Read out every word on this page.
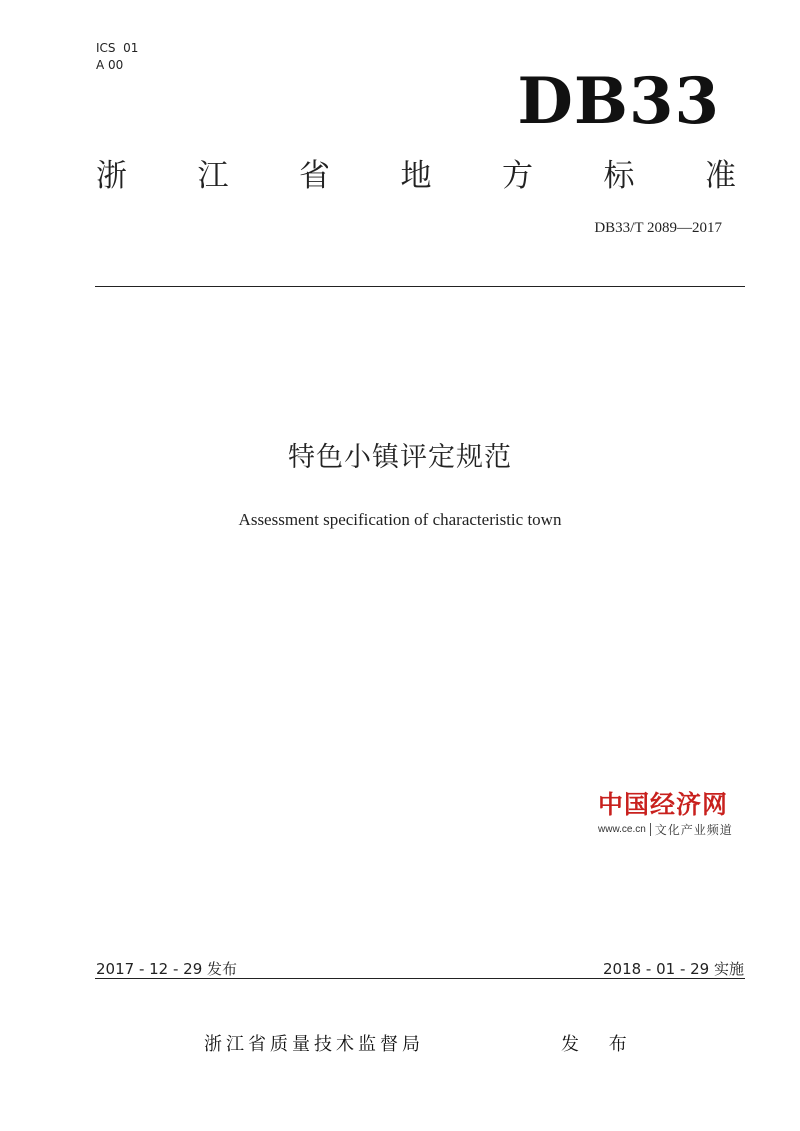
ICS  01
A 00	DB33
浙 江 省 地 方 标 准
DB33/T 2089—2017
特色小镇评定规范
Assessment specification of characteristic town
中国经济网
www.ce.cn 文化产业频道
2017 - 12 - 29 发布	2018 - 01 - 29 实施
浙江省质量技术监督局	发 布
